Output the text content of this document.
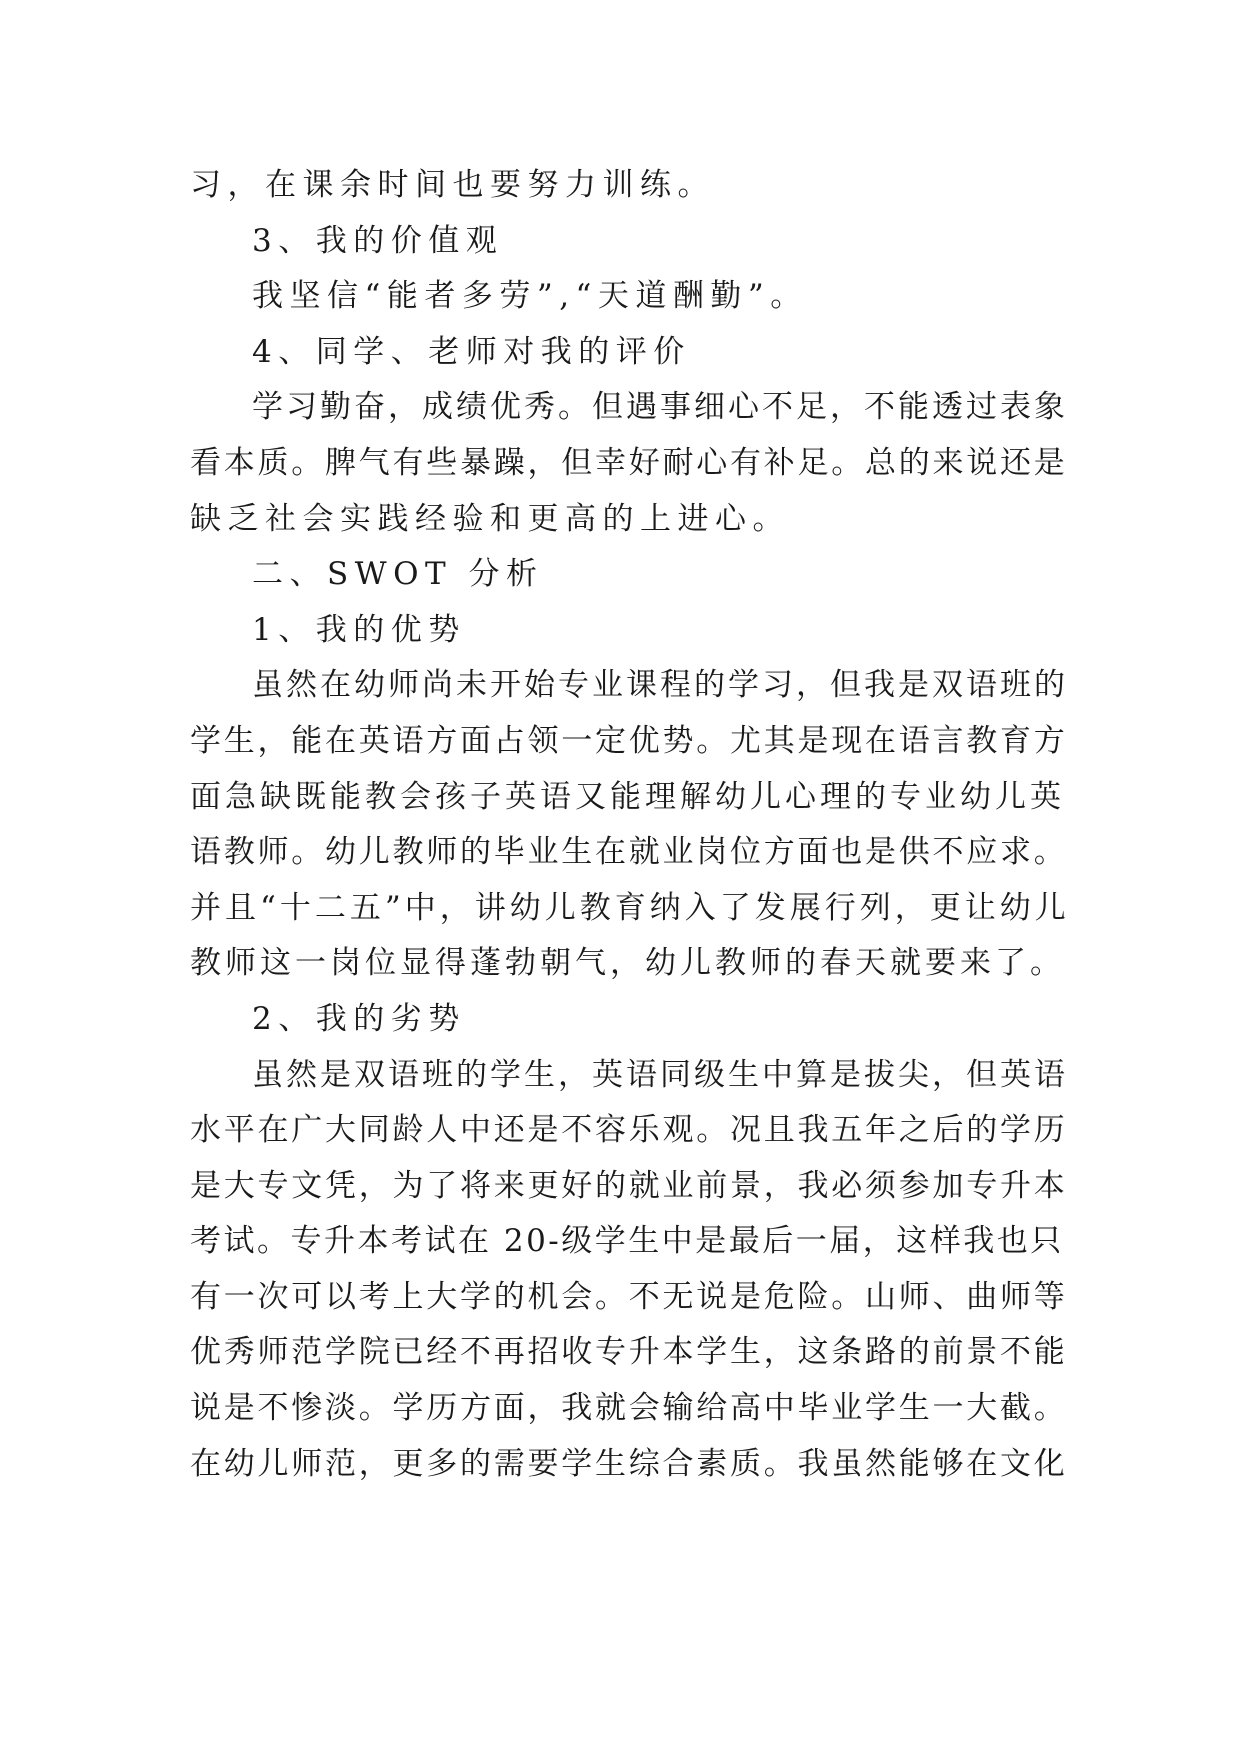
习，在课余时间也要努力训练。
3、我的价值观
我坚信“能者多劳”,“天道酬勤”。
4、同学、老师对我的评价
学习勤奋，成绩优秀。但遇事细心不足，不能透过表象
看本质。脾气有些暴躁，但幸好耐心有补足。总的来说还是
缺乏社会实践经验和更高的上进心。
二、SWOT 分析
1、我的优势
虽然在幼师尚未开始专业课程的学习，但我是双语班的
学生，能在英语方面占领一定优势。尤其是现在语言教育方
面急缺既能教会孩子英语又能理解幼儿心理的专业幼儿英
语教师。幼儿教师的毕业生在就业岗位方面也是供不应求。
并且“十二五”中，讲幼儿教育纳入了发展行列，更让幼儿
教师这一岗位显得蓬勃朝气，幼儿教师的春天就要来了。
2、我的劣势
虽然是双语班的学生，英语同级生中算是拔尖，但英语
水平在广大同龄人中还是不容乐观。况且我五年之后的学历
是大专文凭，为了将来更好的就业前景，我必须参加专升本
考试。专升本考试在 20-级学生中是最后一届，这样我也只
有一次可以考上大学的机会。不无说是危险。山师、曲师等
优秀师范学院已经不再招收专升本学生，这条路的前景不能
说是不惨淡。学历方面，我就会输给高中毕业学生一大截。
在幼儿师范，更多的需要学生综合素质。我虽然能够在文化
